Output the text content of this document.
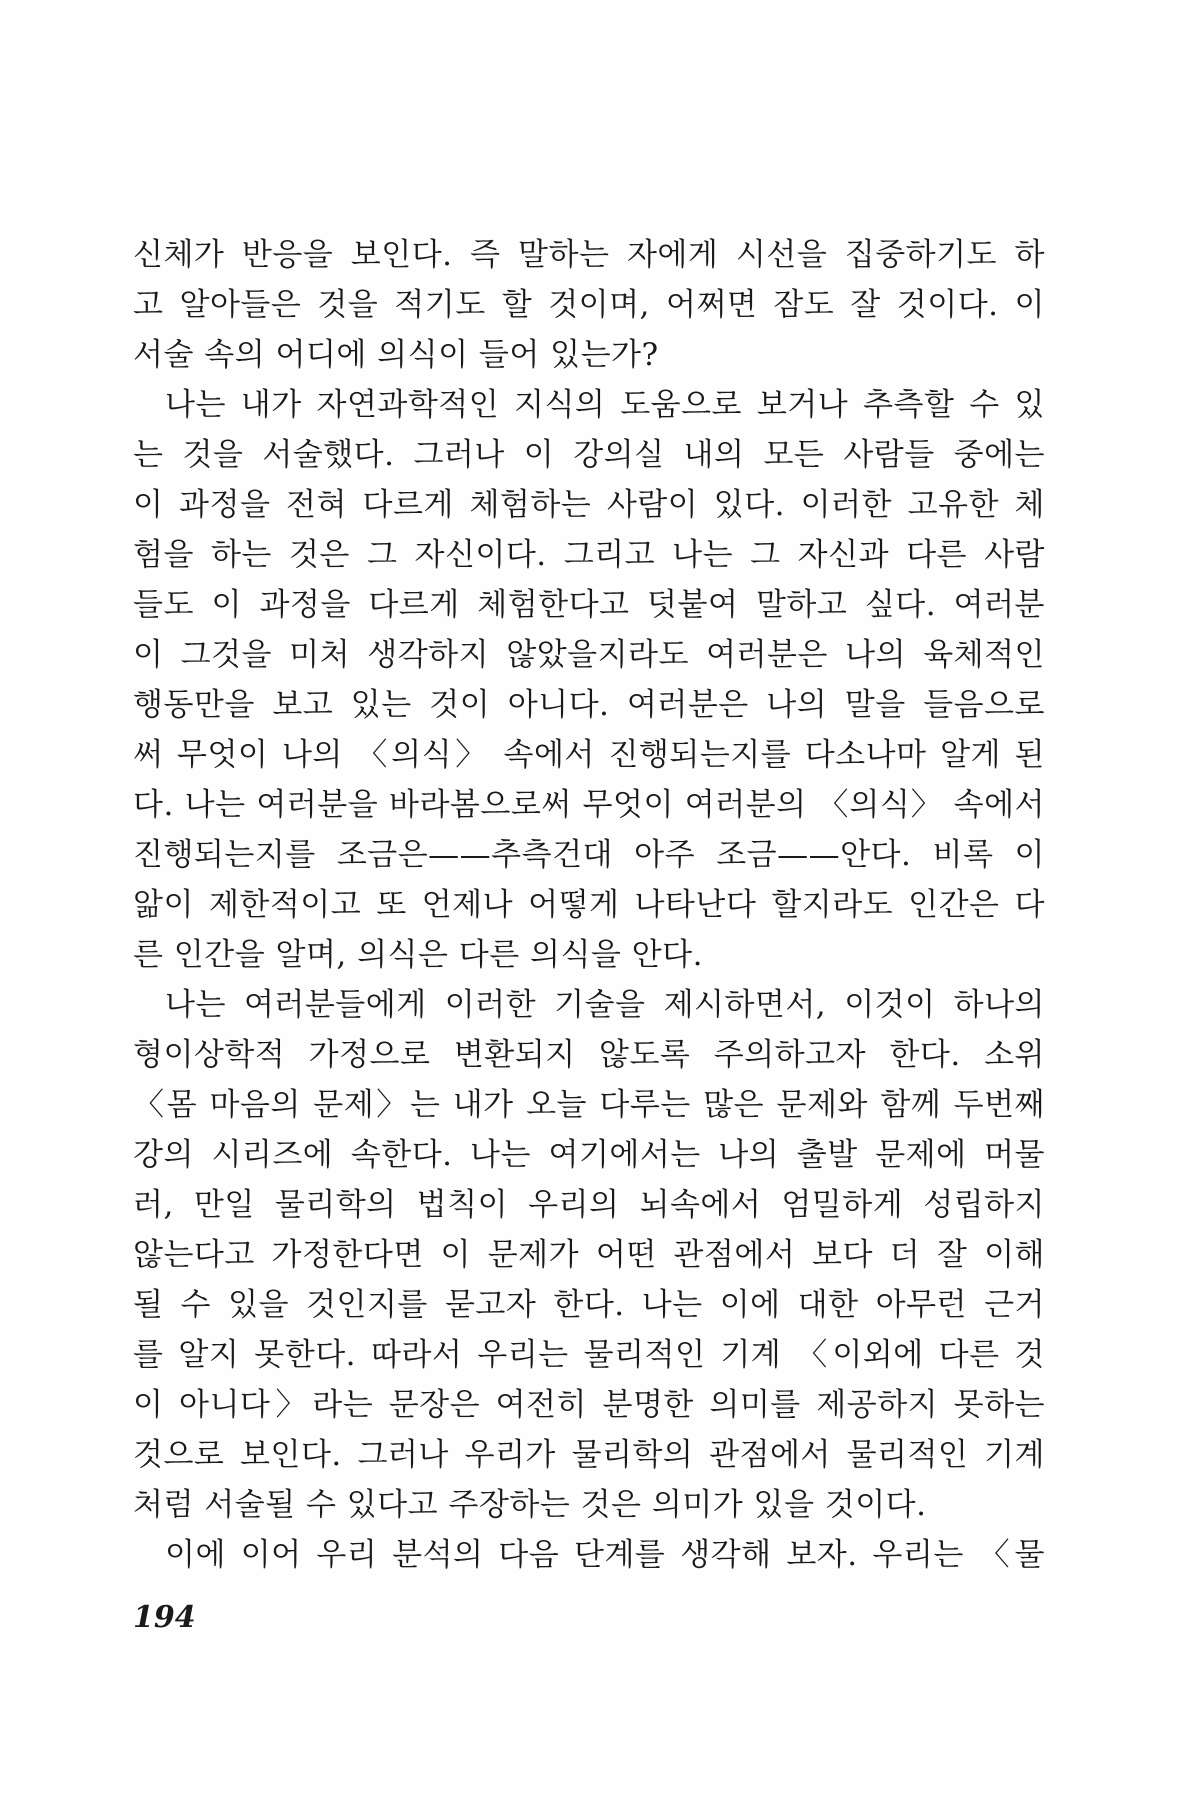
신체가 반응을 보인다. 즉 말하는 자에게 시선을 집중하기도 하
고 알아들은 것을 적기도 할 것이며, 어쩌면 잠도 잘 것이다. 이
서술 속의 어디에 의식이 들어 있는가?
나는 내가 자연과학적인 지식의 도움으로 보거나 추측할 수 있
는 것을 서술했다. 그러나 이 강의실 내의 모든 사람들 중에는
이 과정을 전혀 다르게 체험하는 사람이 있다. 이러한 고유한 체
험을 하는 것은 그 자신이다. 그리고 나는 그 자신과 다른 사람
들도 이 과정을 다르게 체험한다고 덧붙여 말하고 싶다. 여러분
이 그것을 미처 생각하지 않았을지라도 여러분은 나의 육체적인
행동만을 보고 있는 것이 아니다. 여러분은 나의 말을 들음으로
써 무엇이 나의 〈의식〉 속에서 진행되는지를 다소나마 알게 된
다. 나는 여러분을 바라봄으로써 무엇이 여러분의 〈의식〉 속에서
진행되는지를 조금은——추측건대 아주 조금——안다. 비록 이
앎이 제한적이고 또 언제나 어떻게 나타난다 할지라도 인간은 다
른 인간을 알며, 의식은 다른 의식을 안다.
나는 여러분들에게 이러한 기술을 제시하면서, 이것이 하나의
형이상학적 가정으로 변환되지 않도록 주의하고자 한다. 소위
〈몸 마음의 문제〉는 내가 오늘 다루는 많은 문제와 함께 두번째
강의 시리즈에 속한다. 나는 여기에서는 나의 출발 문제에 머물
러, 만일 물리학의 법칙이 우리의 뇌속에서 엄밀하게 성립하지
않는다고 가정한다면 이 문제가 어떤 관점에서 보다 더 잘 이해
될 수 있을 것인지를 묻고자 한다. 나는 이에 대한 아무런 근거
를 알지 못한다. 따라서 우리는 물리적인 기계 〈이외에 다른 것
이 아니다〉라는 문장은 여전히 분명한 의미를 제공하지 못하는
것으로 보인다. 그러나 우리가 물리학의 관점에서 물리적인 기계
처럼 서술될 수 있다고 주장하는 것은 의미가 있을 것이다.
이에 이어 우리 분석의 다음 단계를 생각해 보자. 우리는 〈물
194
